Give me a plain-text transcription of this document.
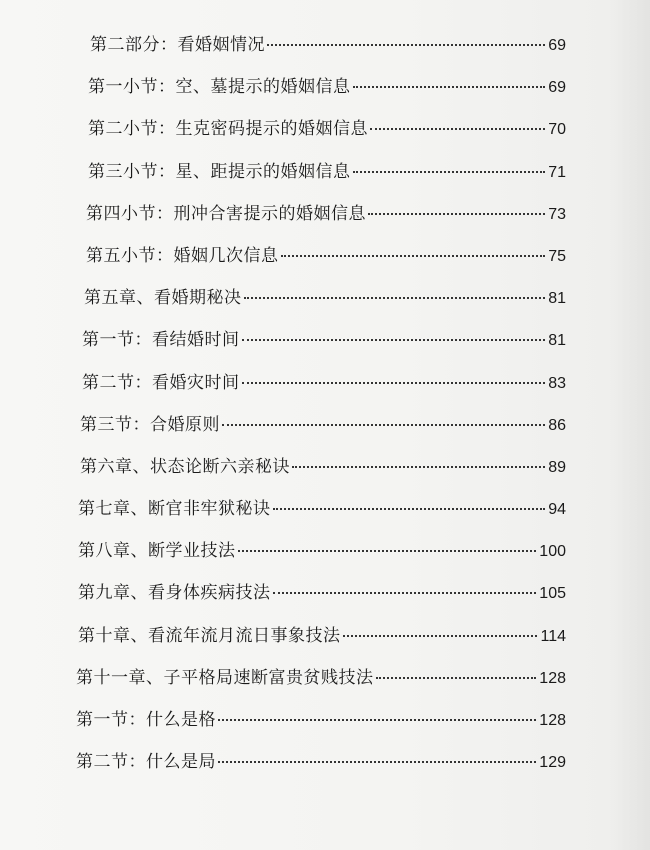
第二部分：看婚姻情况	69
第一小节：空、墓提示的婚姻信息	69
第二小节：生克密码提示的婚姻信息	70
第三小节：星、距提示的婚姻信息	71
第四小节：刑冲合害提示的婚姻信息	73
第五小节：婚姻几次信息	75
第五章、看婚期秘决	81
第一节：看结婚时间	81
第二节：看婚灾时间	83
第三节：合婚原则	86
第六章、状态论断六亲秘诀	89
第七章、断官非牢狱秘诀	94
第八章、断学业技法	100
第九章、看身体疾病技法	105
第十章、看流年流月流日事象技法	114
第十一章、子平格局速断富贵贫贱技法	128
第一节：什么是格	128
第二节：什么是局	129
